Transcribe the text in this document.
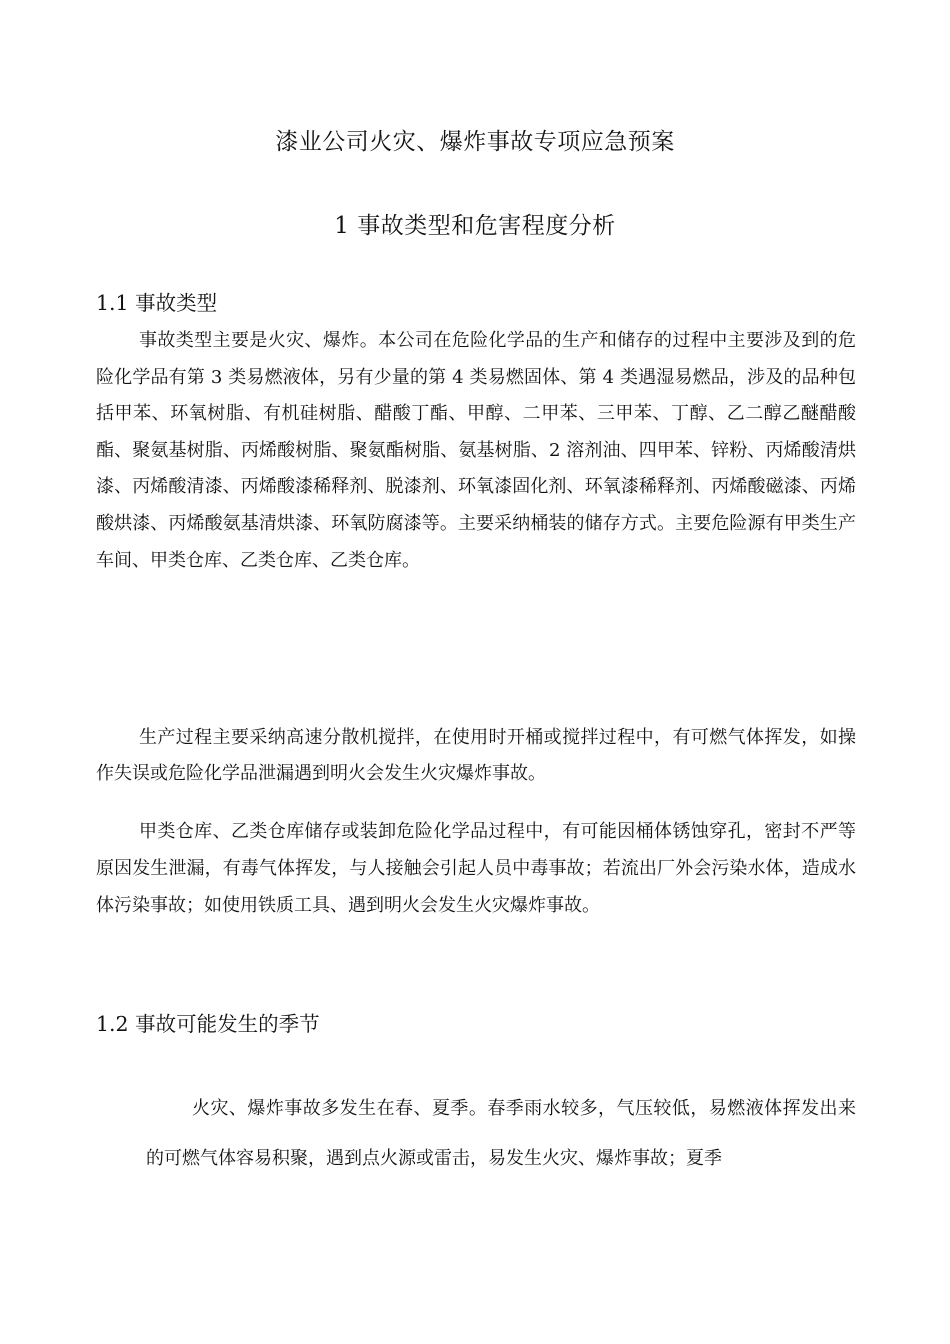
漆业公司火灾、爆炸事故专项应急预案
1 事故类型和危害程度分析
1.1 事故类型

事故类型主要是火灾、爆炸。本公司在危险化学品的生产和储存的过程中主要涉及到的危险化学品有第 3 类易燃液体，另有少量的第 4 类易燃固体、第 4 类遇湿易燃品，涉及的品种包括甲苯、环氧树脂、有机硅树脂、醋酸丁酯、甲醇、二甲苯、三甲苯、丁醇、乙二醇乙醚醋酸酯、聚氨基树脂、丙烯酸树脂、聚氨酯树脂、氨基树脂、2 溶剂油、四甲苯、锌粉、丙烯酸清烘漆、丙烯酸清漆、丙烯酸漆稀释剂、脱漆剂、环氧漆固化剂、环氧漆稀释剂、丙烯酸磁漆、丙烯酸烘漆、丙烯酸氨基清烘漆、环氧防腐漆等。主要采纳桶装的储存方式。主要危险源有甲类生产车间、甲类仓库、乙类仓库、乙类仓库。

生产过程主要采纳高速分散机搅拌，在使用时开桶或搅拌过程中，有可燃气体挥发，如操作失误或危险化学品泄漏遇到明火会发生火灾爆炸事故。

甲类仓库、乙类仓库储存或装卸危险化学品过程中，有可能因桶体锈蚀穿孔，密封不严等原因发生泄漏，有毒气体挥发，与人接触会引起人员中毒事故；若流出厂外会污染水体，造成水体污染事故；如使用铁质工具、遇到明火会发生火灾爆炸事故。

1.2 事故可能发生的季节

火灾、爆炸事故多发生在春、夏季。春季雨水较多，气压较低，易燃液体挥发出来的可燃气体容易积聚，遇到点火源或雷击，易发生火灾、爆炸事故；夏季
